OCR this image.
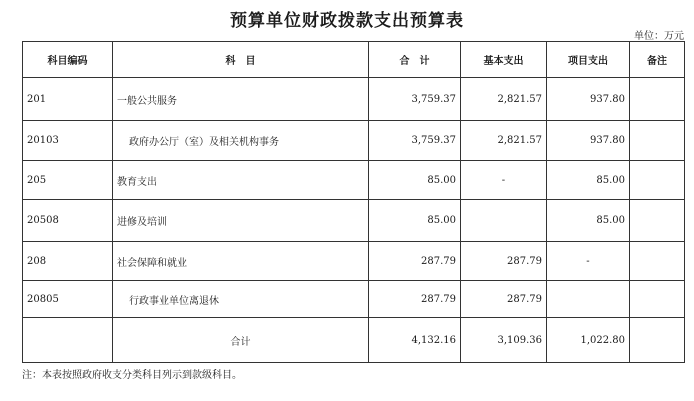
预算单位财政拨款支出预算表
单位：万元
科目编码	科　目	合　计	基本支出	项目支出	备注
201	一般公共服务	3,759.37	2,821.57	937.80	
20103	政府办公厅（室）及相关机构事务	3,759.37	2,821.57	937.80	
205	教育支出	85.00	-	85.00	
20508	进修及培训	85.00		85.00	
208	社会保障和就业	287.79	287.79	-	
20805	行政事业单位离退休	287.79	287.79		
	合计	4,132.16	3,109.36	1,022.80	
注：本表按照政府收支分类科目列示到款级科目。
